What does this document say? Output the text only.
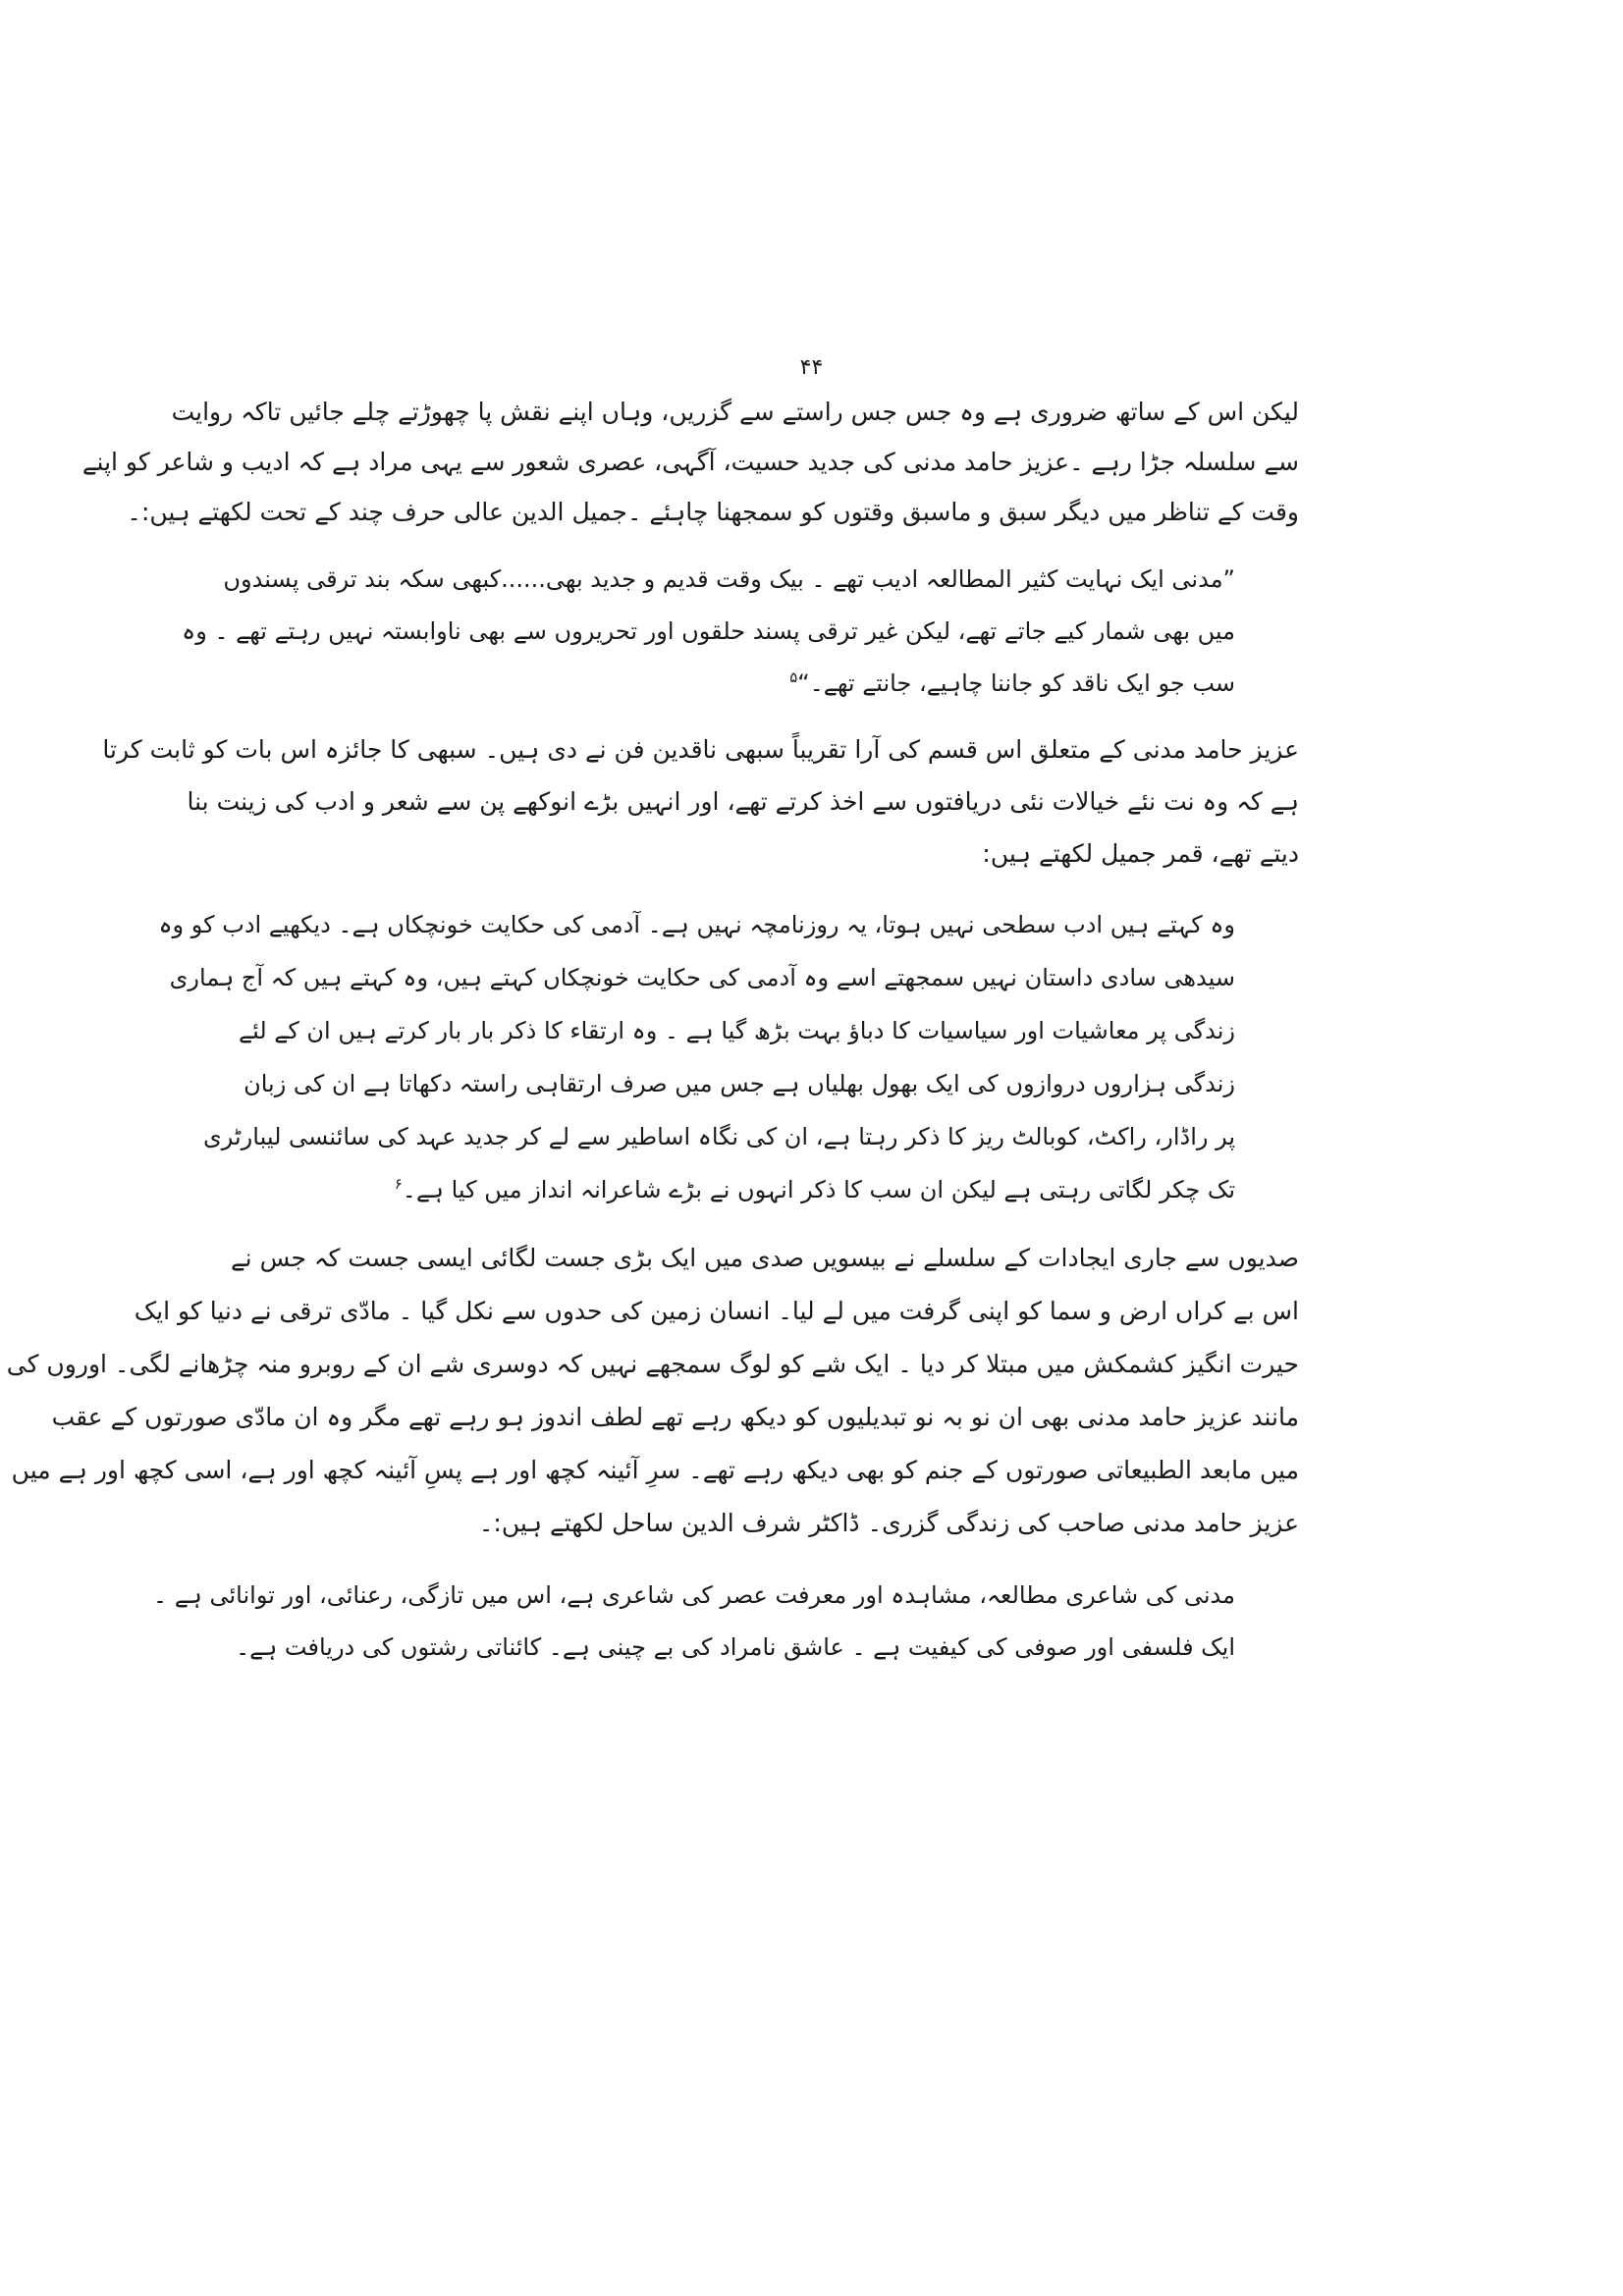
۴۴
لیکن اس کے ساتھ ضروری ہے وہ جس جس راستے سے گزریں، وہاں اپنے نقش پا چھوڑتے چلے جائیں تاکہ روایت
سے سلسلہ جڑا رہے ۔عزیز حامد مدنی کی جدید حسیت، آگہی، عصری شعور سے یہی مراد ہے کہ ادیب و شاعر کو اپنے
وقت کے تناظر میں دیگر سبق و ماسبق وقتوں کو سمجھنا چاہئے ۔جمیل الدین عالی حرف چند کے تحت لکھتے ہیں:۔
”مدنی ایک نہایت کثیر المطالعہ ادیب تھے ۔ بیک وقت قدیم و جدید بھی......کبھی سکہ بند ترقی پسندوں
میں بھی شمار کیے جاتے تھے، لیکن غیر ترقی پسند حلقوں اور تحریروں سے بھی ناوابستہ نہیں رہتے تھے ۔ وہ
سب جو ایک ناقد کو جاننا چاہیے، جانتے تھے۔“$^۵$
عزیز حامد مدنی کے متعلق اس قسم کی آرا تقریباً سبھی ناقدین فن نے دی ہیں۔ سبھی کا جائزہ اس بات کو ثابت کرتا
ہے کہ وہ نت نئے خیالات نئی دریافتوں سے اخذ کرتے تھے، اور انہیں بڑے انوکھے پن سے شعر و ادب کی زینت بنا
دیتے تھے، قمر جمیل لکھتے ہیں:
وہ کہتے ہیں ادب سطحی نہیں ہوتا، یہ روزنامچہ نہیں ہے۔ آدمی کی حکایت خونچکاں ہے۔ دیکھیے ادب کو وہ
سیدھی سادی داستان نہیں سمجھتے اسے وہ آدمی کی حکایت خونچکاں کہتے ہیں، وہ کہتے ہیں کہ آج ہماری
زندگی پر معاشیات اور سیاسیات کا دباؤ بہت بڑھ گیا ہے ۔ وہ ارتقاء کا ذکر بار بار کرتے ہیں ان کے لئے
زندگی ہزاروں دروازوں کی ایک بھول بھلیاں ہے جس میں صرف ارتقاہی راستہ دکھاتا ہے ان کی زبان
پر راڈار، راکٹ، کوبالٹ ریز کا ذکر رہتا ہے، ان کی نگاہ اساطیر سے لے کر جدید عہد کی سائنسی لیبارٹری
تک چکر لگاتی رہتی ہے لیکن ان سب کا ذکر انہوں نے بڑے شاعرانہ انداز میں کیا ہے۔$^۶$
صدیوں سے جاری ایجادات کے سلسلے نے بیسویں صدی میں ایک بڑی جست لگائی ایسی جست کہ جس نے
اس بے کراں ارض و سما کو اپنی گرفت میں لے لیا۔ انسان زمین کی حدوں سے نکل گیا ۔ مادّی ترقی نے دنیا کو ایک
حیرت انگیز کشمکش میں مبتلا کر دیا ۔ ایک شے کو لوگ سمجھے نہیں کہ دوسری شے ان کے روبرو منہ چڑھانے لگی۔ اوروں کی
مانند عزیز حامد مدنی بھی ان نو بہ نو تبدیلیوں کو دیکھ رہے تھے لطف اندوز ہو رہے تھے مگر وہ ان مادّی صورتوں کے عقب
میں مابعد الطبیعاتی صورتوں کے جنم کو بھی دیکھ رہے تھے۔ سرِ آئینہ کچھ اور ہے پسِ آئینہ کچھ اور ہے، اسی کچھ اور ہے میں
عزیز حامد مدنی صاحب کی زندگی گزری۔ ڈاکٹر شرف الدین ساحل لکھتے ہیں:۔
مدنی کی شاعری مطالعہ، مشاہدہ اور معرفت عصر کی شاعری ہے، اس میں تازگی، رعنائی، اور توانائی ہے ۔
ایک فلسفی اور صوفی کی کیفیت ہے ۔ عاشق نامراد کی بے چینی ہے۔ کائناتی رشتوں کی دریافت ہے۔
